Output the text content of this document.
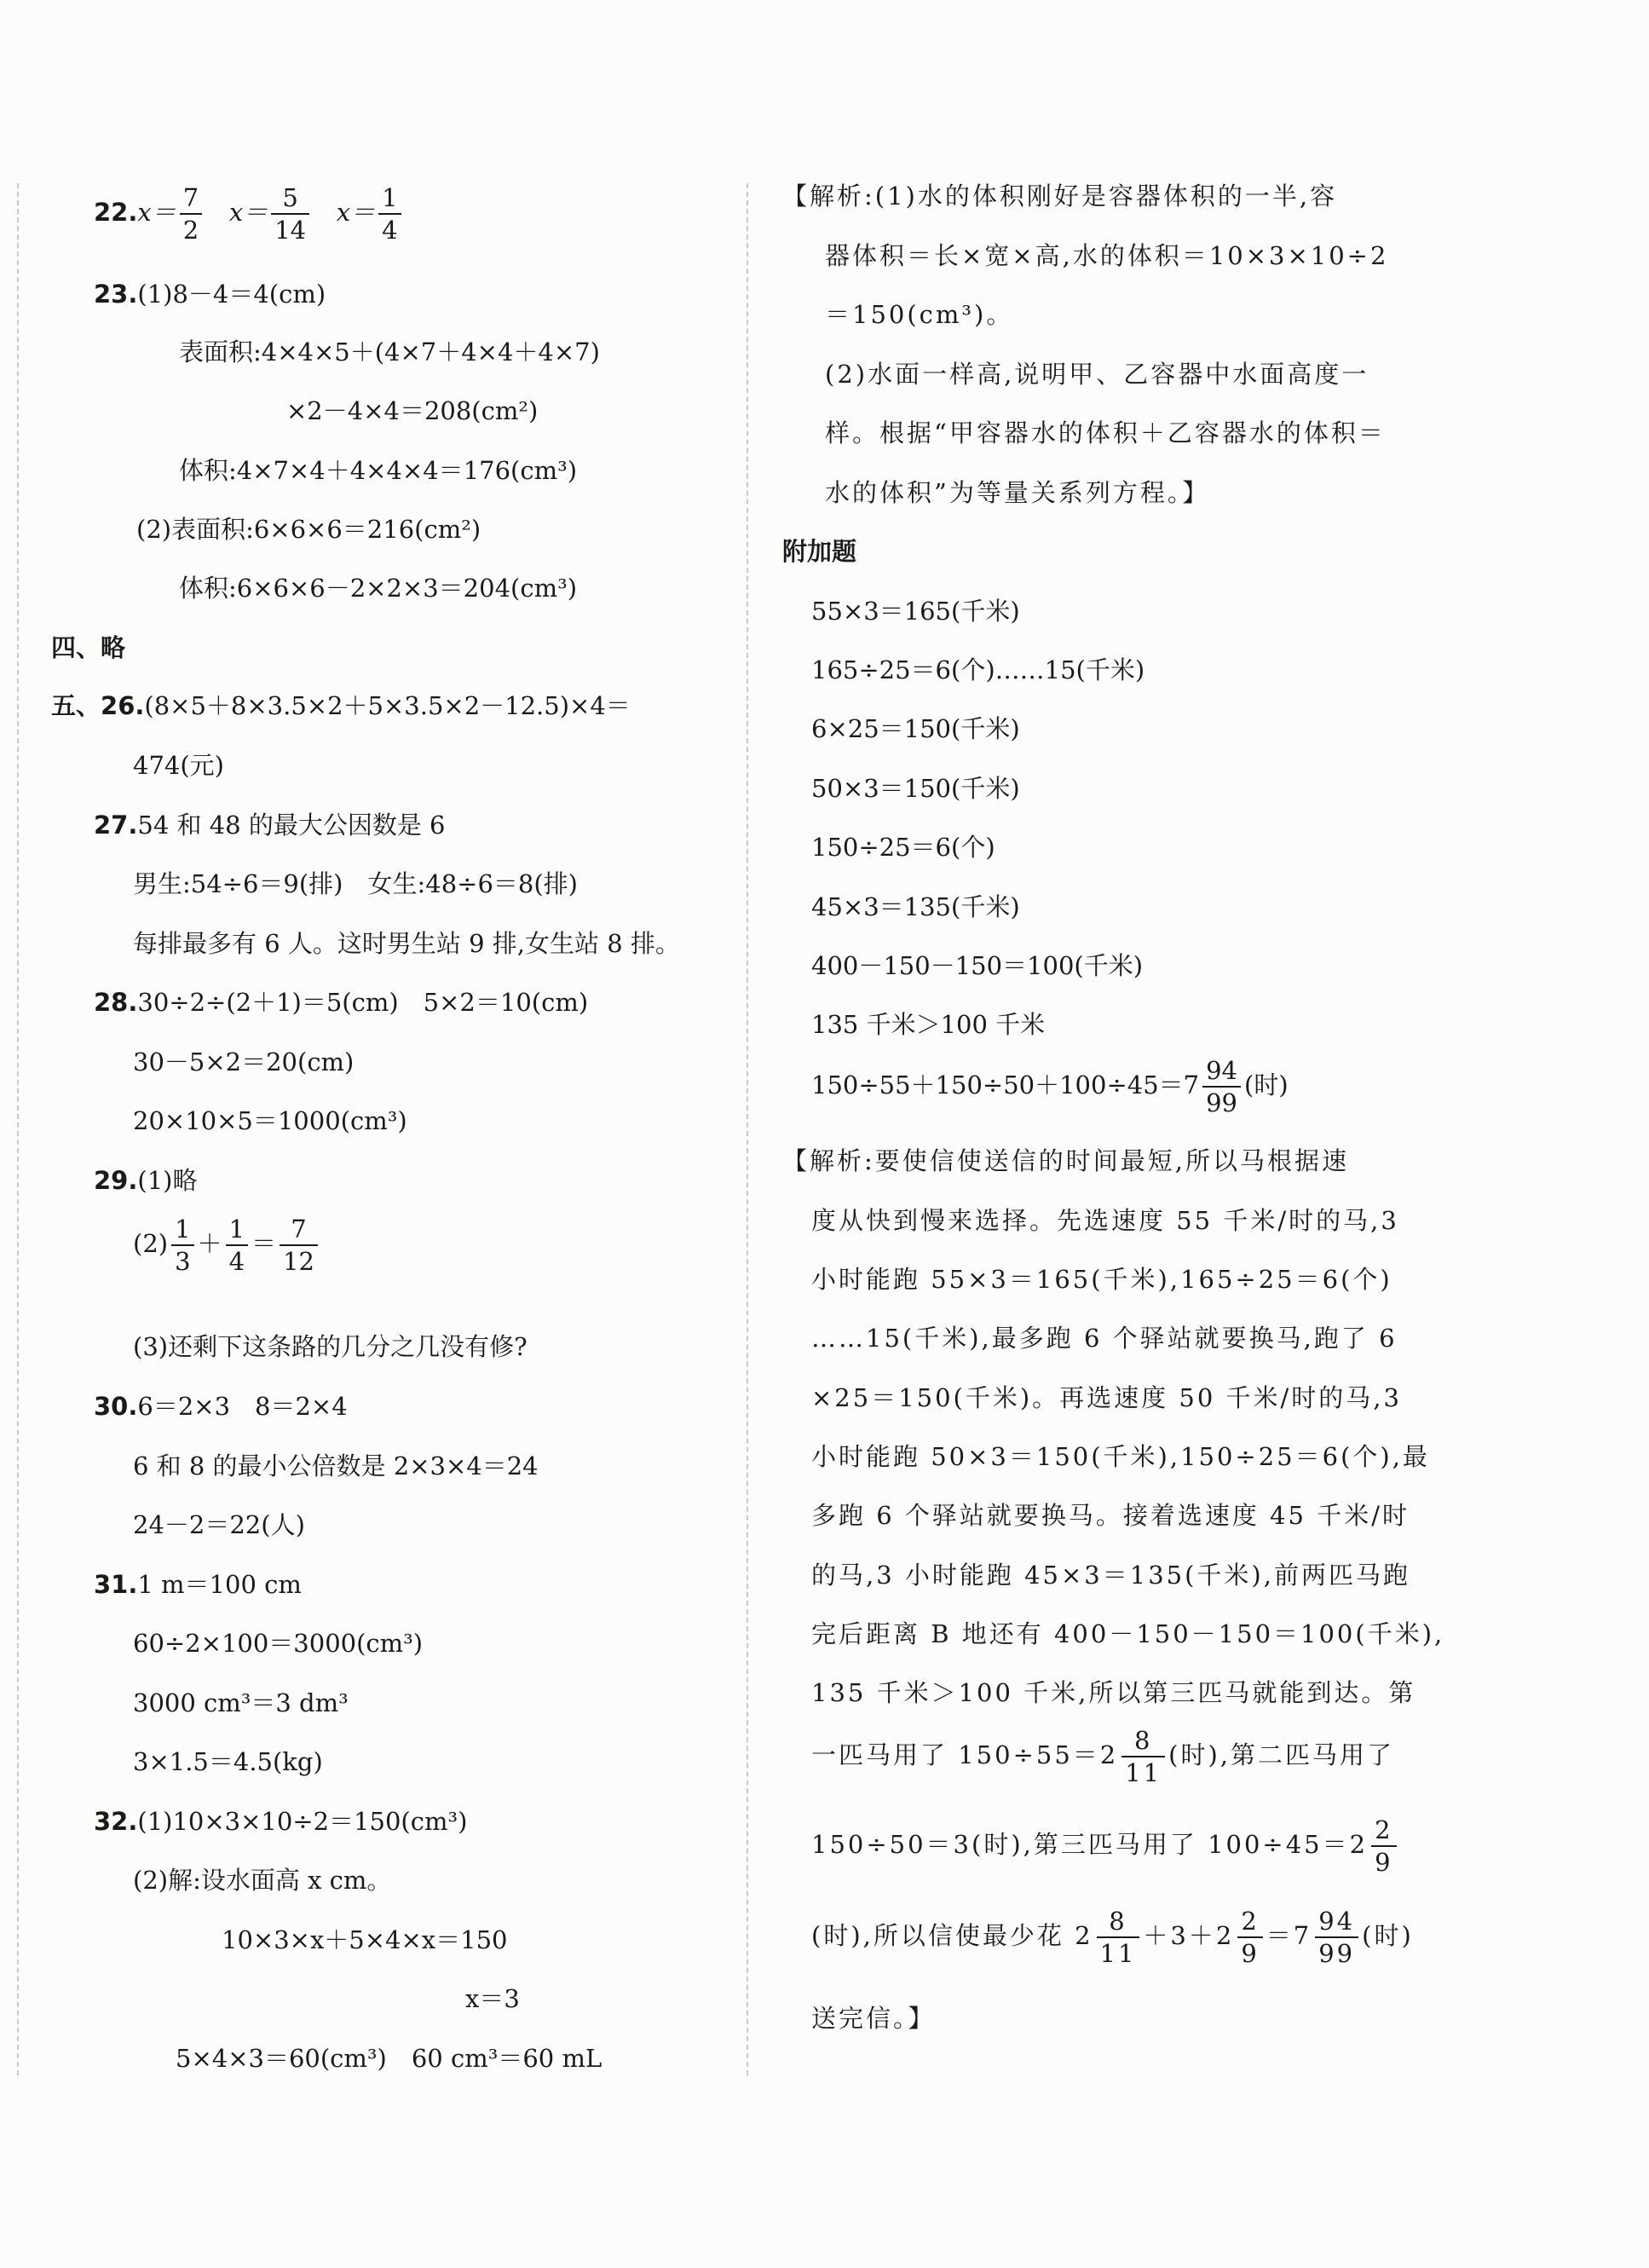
$22.x= \frac{7}{2} x= \frac{5}{14} x= \frac{1}{4}$
23.(1)8－4＝4(cm)
表面积:4×4×5＋(4×7＋4×4＋4×7)
×2－4×4＝208(cm²)
体积:4×7×4＋4×4×4＝176(cm³)
(2)表面积:6×6×6＝216(cm²)
体积:6×6×6－2×2×3＝204(cm³)
四、略
五、26.(8×5＋8×3.5×2＋5×3.5×2－12.5)×4＝
474(元)
27.54 和 48 的最大公因数是 6
男生:54÷6＝9(排)　女生:48÷6＝8(排)
每排最多有 6 人。这时男生站 9 排,女生站 8 排。
28.30÷2÷(2＋1)＝5(cm)　5×2＝10(cm)
30－5×2＝20(cm)
20×10×5＝1000(cm³)
29.(1)略
$(2) \frac{1}{3} + \frac{1}{4} = \frac{7}{12}$
(3)还剩下这条路的几分之几没有修?
30.6＝2×3　8＝2×4
6 和 8 的最小公倍数是 2×3×4＝24
24－2＝22(人)
31.1 m＝100 cm
60÷2×100＝3000(cm³)
3000 cm³＝3 dm³
3×1.5＝4.5(kg)
32.(1)10×3×10÷2＝150(cm³)
(2)解:设水面高 x cm。
10×3×x＋5×4×x＝150
x＝3
5×4×3＝60(cm³)　60 cm³＝60 mL
【解析:(1)水的体积刚好是容器体积的一半,容
器体积＝长×宽×高,水的体积＝10×3×10÷2
＝150(cm³)。
(2)水面一样高,说明甲、乙容器中水面高度一
样。根据“甲容器水的体积＋乙容器水的体积＝
水的体积”为等量关系列方程。】
附加题
55×3＝165(千米)
165÷25＝6(个)……15(千米)
6×25＝150(千米)
50×3＝150(千米)
150÷25＝6(个)
45×3＝135(千米)
400－150－150＝100(千米)
135 千米＞100 千米
$150\div 55+150\div 50+100\div 45=7 \frac{94}{99}$ (时)
【解析:要使信使送信的时间最短,所以马根据速
度从快到慢来选择。先选速度 55 千米/时的马,3
小时能跑 55×3＝165(千米),165÷25＝6(个)
……15(千米),最多跑 6 个驿站就要换马,跑了 6
×25＝150(千米)。再选速度 50 千米/时的马,3
小时能跑 50×3＝150(千米),150÷25＝6(个),最
多跑 6 个驿站就要换马。接着选速度 45 千米/时
的马,3 小时能跑 45×3＝135(千米),前两匹马跑
完后距离 B 地还有 400－150－150＝100(千米),
135 千米＞100 千米,所以第三匹马就能到达。第
一匹马用了 $150\div 55=2 \frac{8}{11}$ (时),第二匹马用了
150÷50＝3(时),第三匹马用了 $100\div 45=2 \frac{2}{9}$
(时),所以信使最少花 $2 \frac{8}{11} +3+2 \frac{2}{9} =7 \frac{94}{99}$ (时)
送完信。】
